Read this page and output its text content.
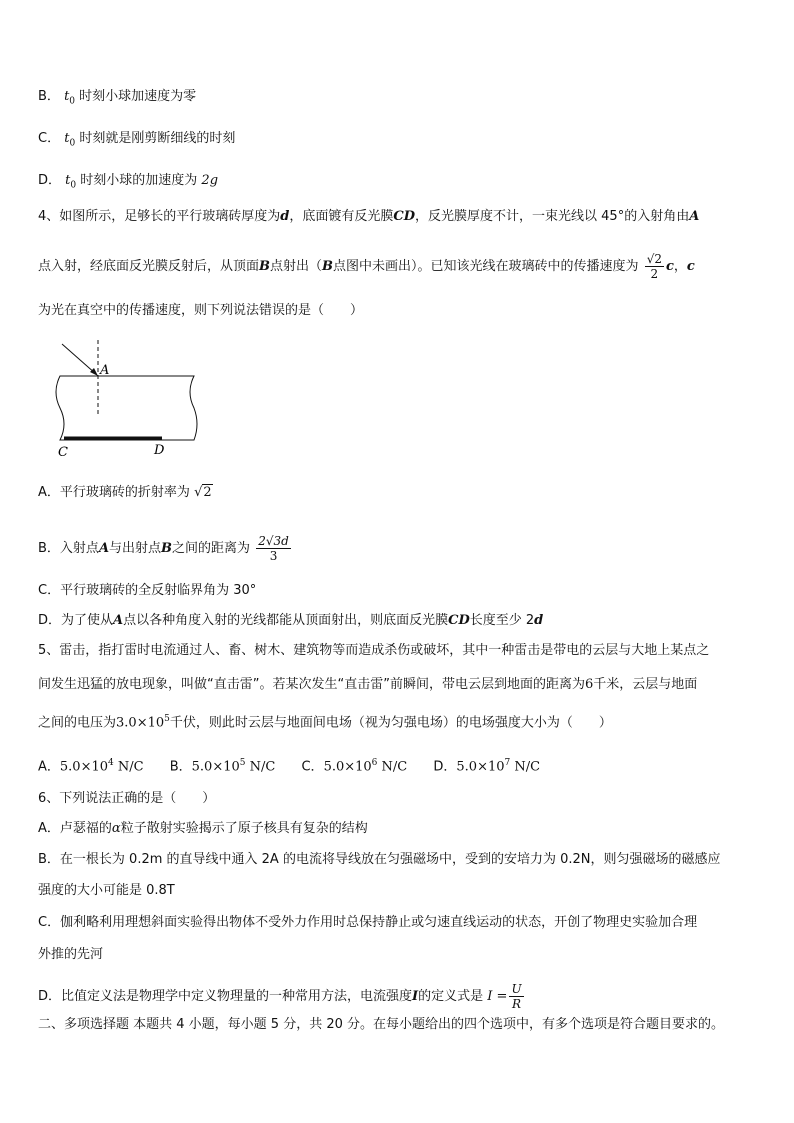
B． $t_0$ 时刻小球加速度为零
C． $t_0$ 时刻就是刚剪断细线的时刻
D． $t_0$ 时刻小球的加速度为 2g
4、如图所示，足够长的平行玻璃砖厚度为d，底面镀有反光膜CD，反光膜厚度不计，一束光线以 45°的入射角由A
点入射，经底面反光膜反射后，从顶面B点射出（B点图中未画出）。已知该光线在玻璃砖中的传播速度为 $\frac{√2}{2}$ c，c
为光在真空中的传播速度，则下列说法错误的是（　　）
A
C	D
A．平行玻璃砖的折射率为 √2
B．入射点A与出射点B之间的距离为 $\frac{2√3d}{3}$
C．平行玻璃砖的全反射临界角为 30°
D．为了使从A点以各种角度入射的光线都能从顶面射出，则底面反光膜CD长度至少 2d
5、雷击，指打雷时电流通过人、畜、树木、建筑物等而造成杀伤或破坏，其中一种雷击是带电的云层与大地上某点之
间发生迅猛的放电现象，叫做“直击雷”。若某次发生“直击雷”前瞬间，带电云层到地面的距离为6千米，云层与地面
之间的电压为$3.0\times 10^5$千伏，则此时云层与地面间电场（视为匀强电场）的电场强度大小为（　　）
A．$5.0\times 10^4$ N/C B．$5.0\times 10^5$ N/C C．$5.0\times 10^6$ N/C D．$5.0\times 10^7$ N/C
6、下列说法正确的是（　　）
A．卢瑟福的α粒子散射实验揭示了原子核具有复杂的结构
B．在一根长为 0.2m 的直导线中通入 2A 的电流将导线放在匀强磁场中，受到的安培力为 0.2N，则匀强磁场的磁感应
强度的大小可能是 0.8T
C．伽利略利用理想斜面实验得出物体不受外力作用时总保持静止或匀速直线运动的状态，开创了物理史实验加合理
外推的先河
D．比值定义法是物理学中定义物理量的一种常用方法，电流强度I的定义式是 $I = \frac{U}{R}$
二、多项选择题 本题共 4 小题，每小题 5 分，共 20 分。在每小题给出的四个选项中，有多个选项是符合题目要求的。
